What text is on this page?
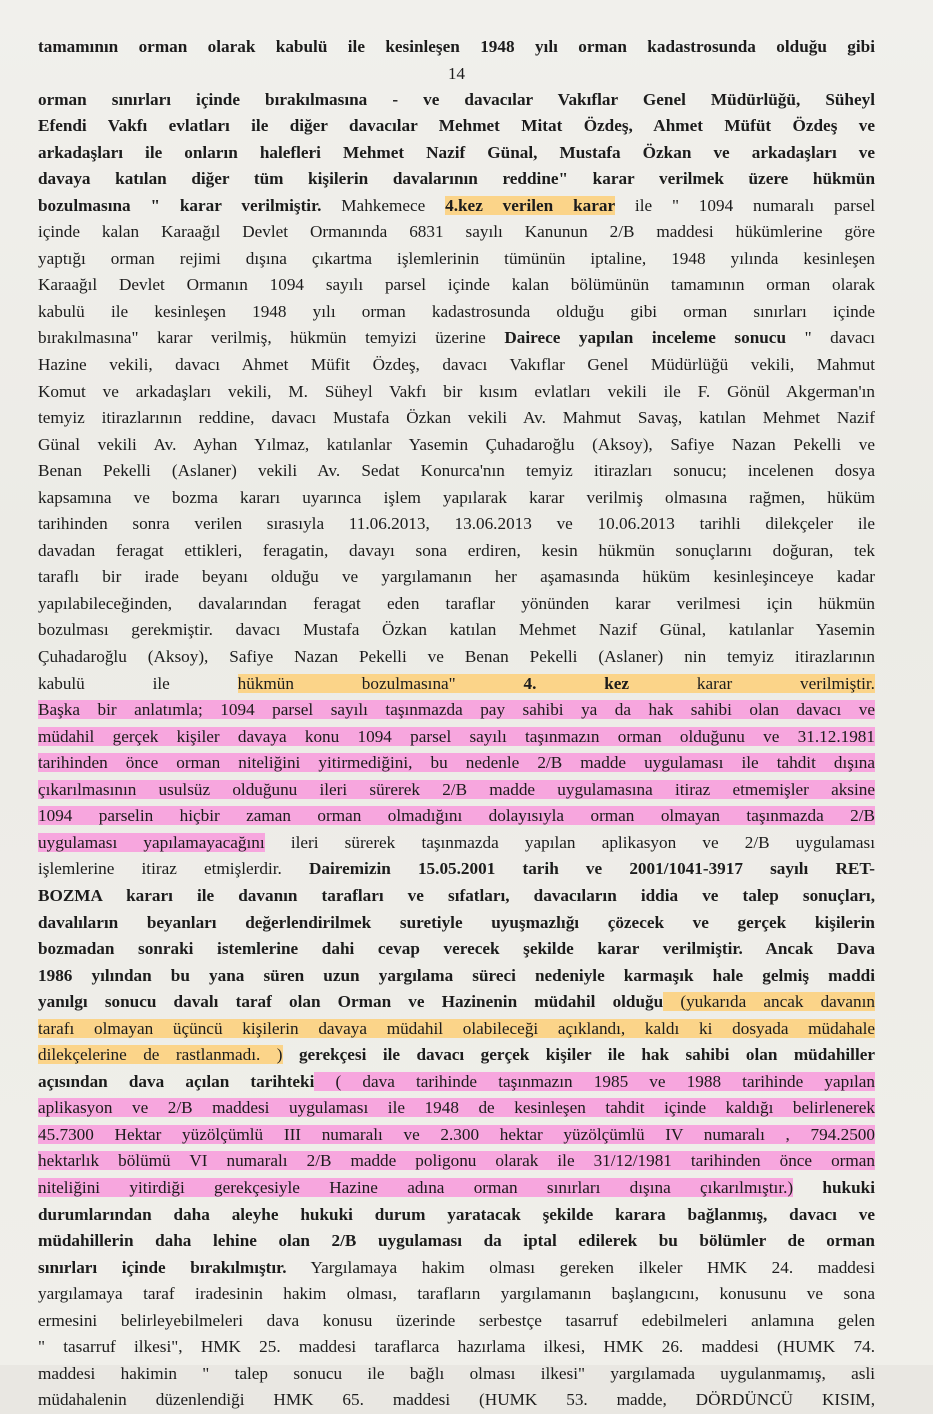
tamamının orman olarak kabulü ile kesinleşen 1948 yılı orman kadastrosunda olduğu gibi
14
orman sınırları içinde bırakılmasına - ve davacılar Vakıflar Genel Müdürlüğü, Süheyl
Efendi Vakfı evlatları ile diğer davacılar Mehmet Mitat Özdeş, Ahmet Müfüt Özdeş ve
arkadaşları ile onların halefleri Mehmet Nazif Günal, Mustafa Özkan ve arkadaşları ve
davaya katılan diğer tüm kişilerin davalarının reddine" karar verilmek üzere hükmün
bozulmasına " karar verilmiştir. Mahkemece 4.kez verilen karar ile " 1094 numaralı parsel
içinde kalan Karaağıl Devlet Ormanında 6831 sayılı Kanunun 2/B maddesi hükümlerine göre
yaptığı orman rejimi dışına çıkartma işlemlerinin tümünün iptaline, 1948 yılında kesinleşen
Karaağıl Devlet Ormanın 1094 sayılı parsel içinde kalan bölümünün tamamının orman olarak
kabulü ile kesinleşen 1948 yılı orman kadastrosunda olduğu gibi orman sınırları içinde
bırakılmasına" karar verilmiş, hükmün temyizi üzerine Dairece yapılan inceleme sonucu " davacı
Hazine vekili, davacı Ahmet Müfit Özdeş, davacı Vakıflar Genel Müdürlüğü vekili, Mahmut
Komut ve arkadaşları vekili, M. Süheyl Vakfı bir kısım evlatları vekili ile F. Gönül Akgerman'ın
temyiz itirazlarının reddine, davacı Mustafa Özkan vekili Av. Mahmut Savaş, katılan Mehmet Nazif
Günal vekili Av. Ayhan Yılmaz, katılanlar Yasemin Çuhadaroğlu (Aksoy), Safiye Nazan Pekelli ve
Benan Pekelli (Aslaner) vekili Av. Sedat Konurca'nın temyiz itirazları sonucu; incelenen dosya
kapsamına ve bozma kararı uyarınca işlem yapılarak karar verilmiş olmasına rağmen, hüküm
tarihinden sonra verilen sırasıyla 11.06.2013, 13.06.2013 ve 10.06.2013 tarihli dilekçeler ile
davadan feragat ettikleri, feragatin, davayı sona erdiren, kesin hükmün sonuçlarını doğuran, tek
taraflı bir irade beyanı olduğu ve yargılamanın her aşamasında hüküm kesinleşinceye kadar
yapılabileceğinden, davalarından feragat eden taraflar yönünden karar verilmesi için hükmün
bozulması gerekmiştir. davacı Mustafa Özkan katılan Mehmet Nazif Günal, katılanlar Yasemin
Çuhadaroğlu (Aksoy), Safiye Nazan Pekelli ve Benan Pekelli (Aslaner) nin temyiz itirazlarının
kabulü ile hükmün bozulmasına" 4. kez karar verilmiştir.
Başka bir anlatımla; 1094 parsel sayılı taşınmazda pay sahibi ya da hak sahibi olan davacı ve
müdahil gerçek kişiler davaya konu 1094 parsel sayılı taşınmazın orman olduğunu ve 31.12.1981
tarihinden önce orman niteliğini yitirmediğini, bu nedenle 2/B madde uygulaması ile tahdit dışına
çıkarılmasının usulsüz olduğunu ileri sürerek 2/B madde uygulamasına itiraz etmemişler aksine
1094 parselin hiçbir zaman orman olmadığını dolayısıyla orman olmayan taşınmazda 2/B
uygulaması yapılamayacağını ileri sürerek taşınmazda yapılan aplikasyon ve 2/B uygulaması
işlemlerine itiraz etmişlerdir. Dairemizin 15.05.2001 tarih ve 2001/1041-3917 sayılı RET-
BOZMA kararı ile davanın tarafları ve sıfatları, davacıların iddia ve talep sonuçları,
davalıların beyanları değerlendirilmek suretiyle uyuşmazlığı çözecek ve gerçek kişilerin
bozmadan sonraki istemlerine dahi cevap verecek şekilde karar verilmiştir. Ancak Dava
1986 yılından bu yana süren uzun yargılama süreci nedeniyle karmaşık hale gelmiş maddi
yanılgı sonucu davalı taraf olan Orman ve Hazinenin müdahil olduğu (yukarıda ancak davanın
tarafı olmayan üçüncü kişilerin davaya müdahil olabileceği açıklandı, kaldı ki dosyada müdahale
dilekçelerine de rastlanmadı. ) gerekçesi ile davacı gerçek kişiler ile hak sahibi olan müdahiller
açısından dava açılan tarihteki ( dava tarihinde taşınmazın 1985 ve 1988 tarihinde yapılan
aplikasyon ve 2/B maddesi uygulaması ile 1948 de kesinleşen tahdit içinde kaldığı belirlenerek
45.7300 Hektar yüzölçümlü III numaralı ve 2.300 hektar yüzölçümlü IV numaralı , 794.2500
hektarlık bölümü VI numaralı 2/B madde poligonu olarak ile 31/12/1981 tarihinden önce orman
niteliğini yitirdiği gerekçesiyle Hazine adına orman sınırları dışına çıkarılmıştır.) hukuki
durumlarından daha aleyhe hukuki durum yaratacak şekilde karara bağlanmış, davacı ve
müdahillerin daha lehine olan 2/B uygulaması da iptal edilerek bu bölümler de orman
sınırları içinde bırakılmıştır. Yargılamaya hakim olması gereken ilkeler HMK 24. maddesi
yargılamaya taraf iradesinin hakim olması, tarafların yargılamanın başlangıcını, konusunu ve sona
ermesini belirleyebilmeleri dava konusu üzerinde serbestçe tasarruf edebilmeleri anlamına gelen
" tasarruf ilkesi", HMK 25. maddesi taraflarca hazırlama ilkesi, HMK 26. maddesi (HUMK 74.
maddesi hakimin " talep sonucu ile bağlı olması ilkesi" yargılamada uygulanmamış, asli
müdahalenin düzenlendiği HMK 65. maddesi (HUMK 53. madde, DÖRDÜNCÜ KISIM,
